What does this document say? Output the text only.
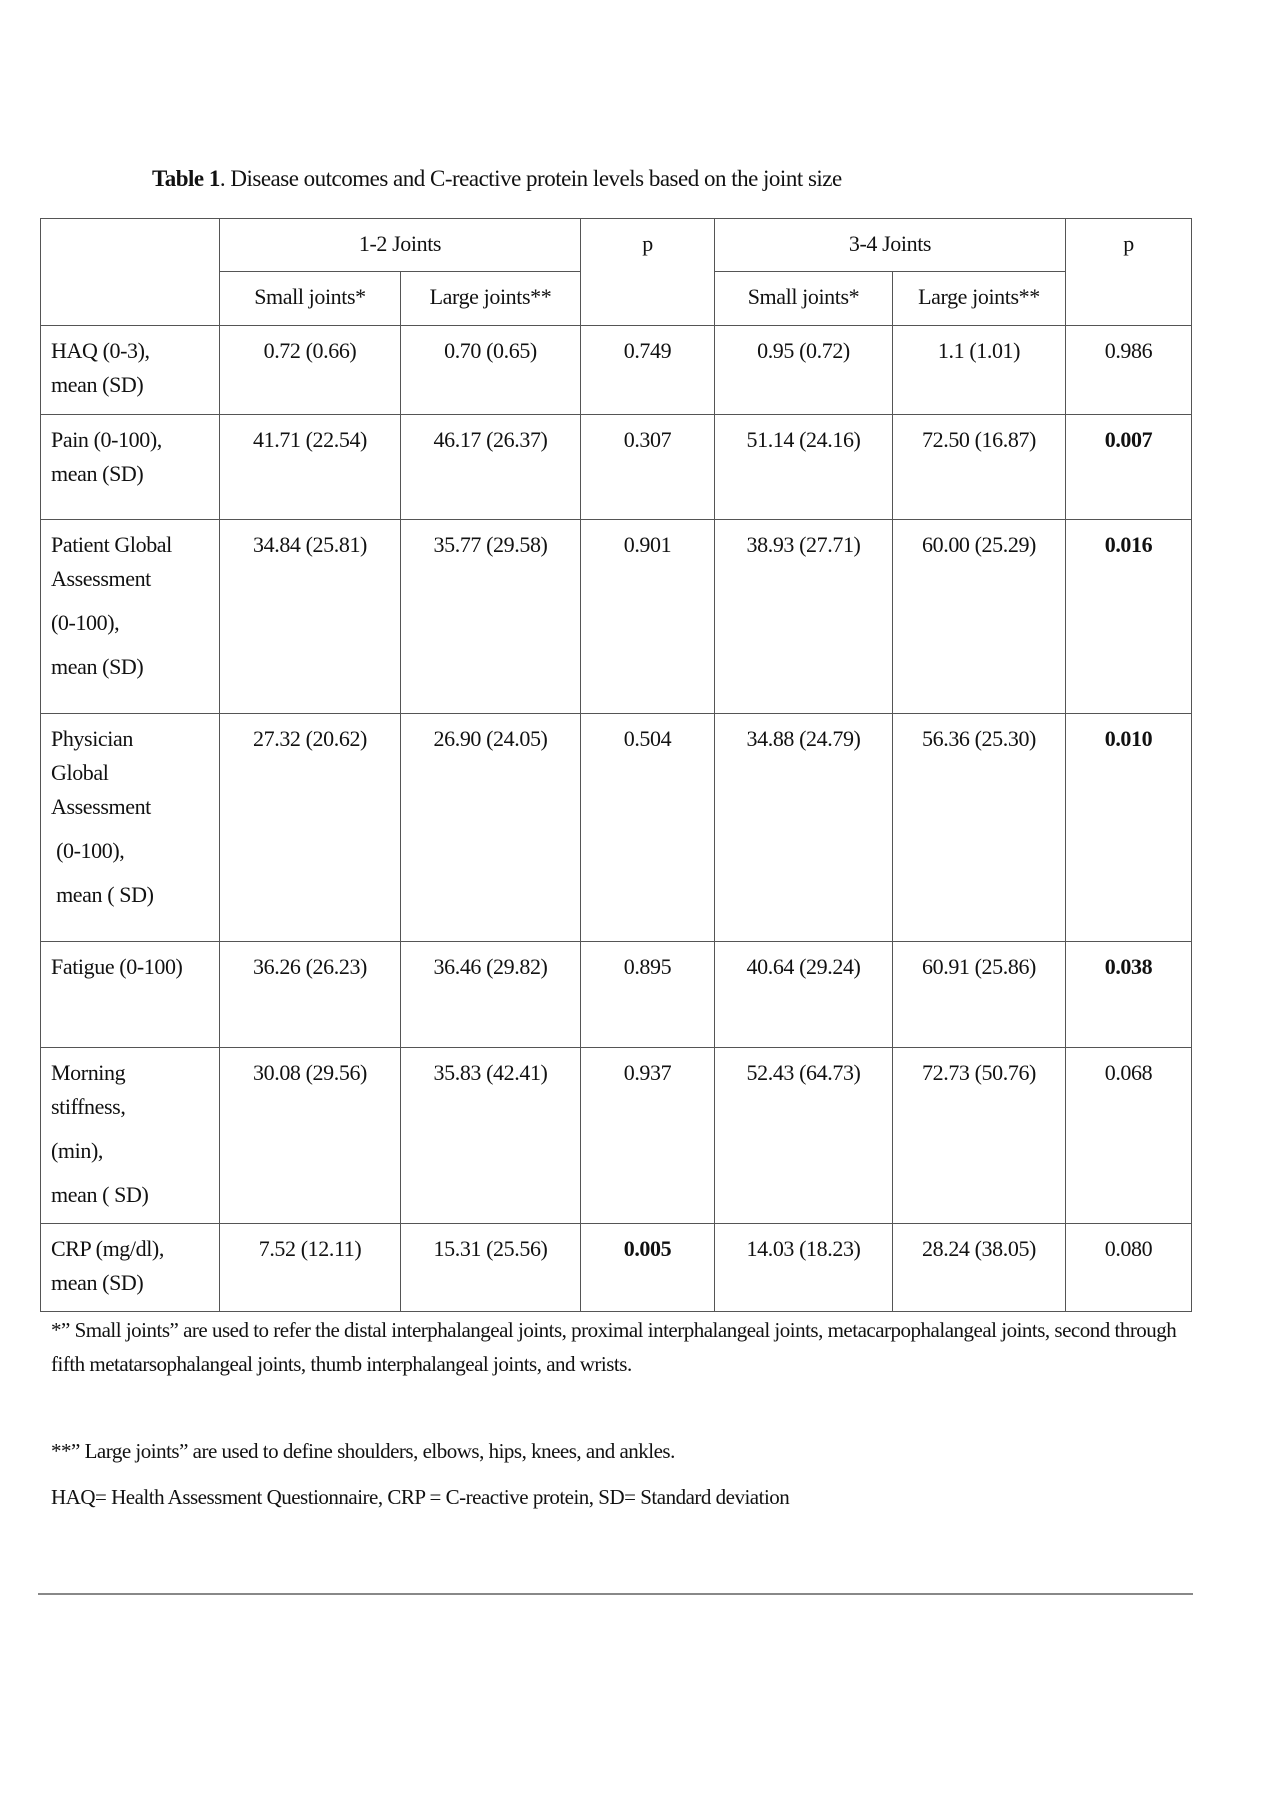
Table 1. Disease outcomes and C-reactive protein levels based on the joint size
	1-2 Joints		p	3-4 Joints		p
	Small joints*	Large joints**		Small joints*	Large joints**	

HAQ (0-3),
mean (SD)	0.72 (0.66)	0.70 (0.65)	0.749	0.95 (0.72)	1.1 (1.01)	0.986

Pain (0-100),
mean (SD)	41.71 (22.54)	46.17 (26.37)	0.307	51.14 (24.16)	72.50 (16.87)	0.007

Patient Global
Assessment
(0-100),
mean (SD)	34.84 (25.81)	35.77 (29.58)	0.901	38.93 (27.71)	60.00 (25.29)	0.016

Physician
Global
Assessment
(0-100),
mean ( SD)	27.32 (20.62)	26.90 (24.05)	0.504	34.88 (24.79)	56.36 (25.30)	0.010

Fatigue (0-100)	36.26 (26.23)	36.46 (29.82)	0.895	40.64 (29.24)	60.91 (25.86)	0.038

Morning
stiffness,
(min),
mean ( SD)	30.08 (29.56)	35.83 (42.41)	0.937	52.43 (64.73)	72.73 (50.76)	0.068

CRP (mg/dl),
mean (SD)	7.52 (12.11)	15.31 (25.56)	0.005	14.03 (18.23)	28.24 (38.05)	0.080
*” Small joints” are used to refer the distal interphalangeal joints, proximal interphalangeal joints, metacarpophalangeal joints, second through fifth metatarsophalangeal joints, thumb interphalangeal joints, and wrists.
**” Large joints” are used to define shoulders, elbows, hips, knees, and ankles.
HAQ= Health Assessment Questionnaire, CRP = C-reactive protein, SD= Standard deviation
